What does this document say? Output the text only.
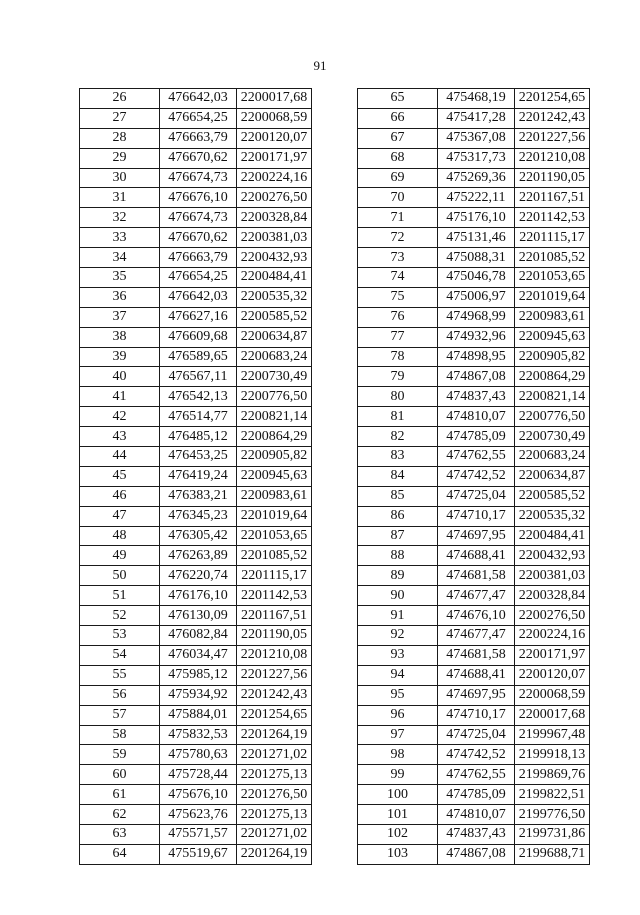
91
26	476642,03	2200017,68
27	476654,25	2200068,59
28	476663,79	2200120,07
29	476670,62	2200171,97
30	476674,73	2200224,16
31	476676,10	2200276,50
32	476674,73	2200328,84
33	476670,62	2200381,03
34	476663,79	2200432,93
35	476654,25	2200484,41
36	476642,03	2200535,32
37	476627,16	2200585,52
38	476609,68	2200634,87
39	476589,65	2200683,24
40	476567,11	2200730,49
41	476542,13	2200776,50
42	476514,77	2200821,14
43	476485,12	2200864,29
44	476453,25	2200905,82
45	476419,24	2200945,63
46	476383,21	2200983,61
47	476345,23	2201019,64
48	476305,42	2201053,65
49	476263,89	2201085,52
50	476220,74	2201115,17
51	476176,10	2201142,53
52	476130,09	2201167,51
53	476082,84	2201190,05
54	476034,47	2201210,08
55	475985,12	2201227,56
56	475934,92	2201242,43
57	475884,01	2201254,65
58	475832,53	2201264,19
59	475780,63	2201271,02
60	475728,44	2201275,13
61	475676,10	2201276,50
62	475623,76	2201275,13
63	475571,57	2201271,02
64	475519,67	2201264,19
65	475468,19	2201254,65
66	475417,28	2201242,43
67	475367,08	2201227,56
68	475317,73	2201210,08
69	475269,36	2201190,05
70	475222,11	2201167,51
71	475176,10	2201142,53
72	475131,46	2201115,17
73	475088,31	2201085,52
74	475046,78	2201053,65
75	475006,97	2201019,64
76	474968,99	2200983,61
77	474932,96	2200945,63
78	474898,95	2200905,82
79	474867,08	2200864,29
80	474837,43	2200821,14
81	474810,07	2200776,50
82	474785,09	2200730,49
83	474762,55	2200683,24
84	474742,52	2200634,87
85	474725,04	2200585,52
86	474710,17	2200535,32
87	474697,95	2200484,41
88	474688,41	2200432,93
89	474681,58	2200381,03
90	474677,47	2200328,84
91	474676,10	2200276,50
92	474677,47	2200224,16
93	474681,58	2200171,97
94	474688,41	2200120,07
95	474697,95	2200068,59
96	474710,17	2200017,68
97	474725,04	2199967,48
98	474742,52	2199918,13
99	474762,55	2199869,76
100	474785,09	2199822,51
101	474810,07	2199776,50
102	474837,43	2199731,86
103	474867,08	2199688,71
